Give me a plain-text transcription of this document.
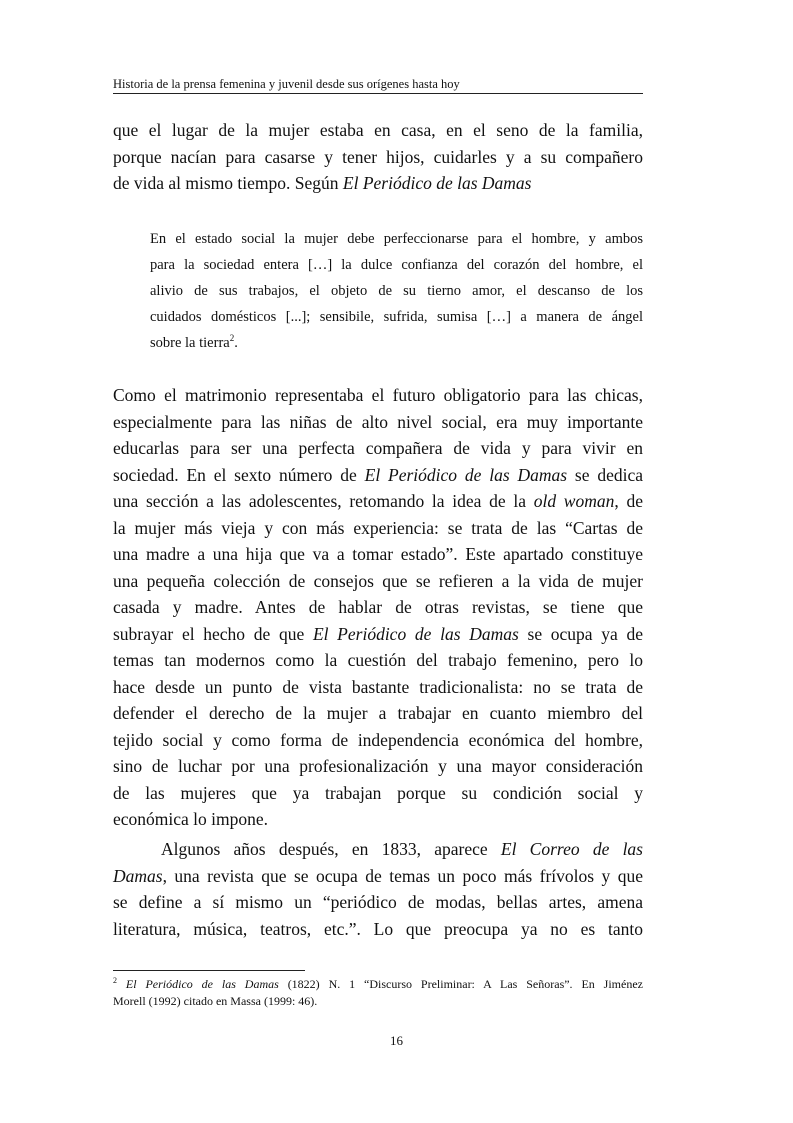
Historia de la prensa femenina y juvenil desde sus orígenes hasta hoy
que el lugar de la mujer estaba en casa, en el seno de la familia,
porque nacían para casarse y tener hijos, cuidarles y a su compañero
de vida al mismo tiempo. Según El Periódico de las Damas
En el estado social la mujer debe perfeccionarse para el hombre, y ambos
para la sociedad entera […] la dulce confianza del corazón del hombre, el
alivio de sus trabajos, el objeto de su tierno amor, el descanso de los
cuidados domésticos [...]; sensibile, sufrida, sumisa […] a manera de ángel
sobre la tierra$^2$.
Como el matrimonio representaba el futuro obligatorio para las chicas,
especialmente para las niñas de alto nivel social, era muy importante
educarlas para ser una perfecta compañera de vida y para vivir en
sociedad. En el sexto número de El Periódico de las Damas se dedica
una sección a las adolescentes, retomando la idea de la old woman, de
la mujer más vieja y con más experiencia: se trata de las “Cartas de
una madre a una hija que va a tomar estado”. Este apartado constituye
una pequeña colección de consejos que se refieren a la vida de mujer
casada y madre. Antes de hablar de otras revistas, se tiene que
subrayar el hecho de que El Periódico de las Damas se ocupa ya de
temas tan modernos como la cuestión del trabajo femenino, pero lo
hace desde un punto de vista bastante tradicionalista: no se trata de
defender el derecho de la mujer a trabajar en cuanto miembro del
tejido social y como forma de independencia económica del hombre,
sino de luchar por una profesionalización y una mayor consideración
de las mujeres que ya trabajan porque su condición social y
económica lo impone.
Algunos años después, en 1833, aparece El Correo de las
Damas, una revista que se ocupa de temas un poco más frívolos y que
se define a sí mismo un “periódico de modas, bellas artes, amena
literatura, música, teatros, etc.”. Lo que preocupa ya no es tanto
$^2$ El Periódico de las Damas (1822) N. 1 “Discurso Preliminar: A Las Señoras”. En Jiménez
Morell (1992) citado en Massa (1999: 46).
16
